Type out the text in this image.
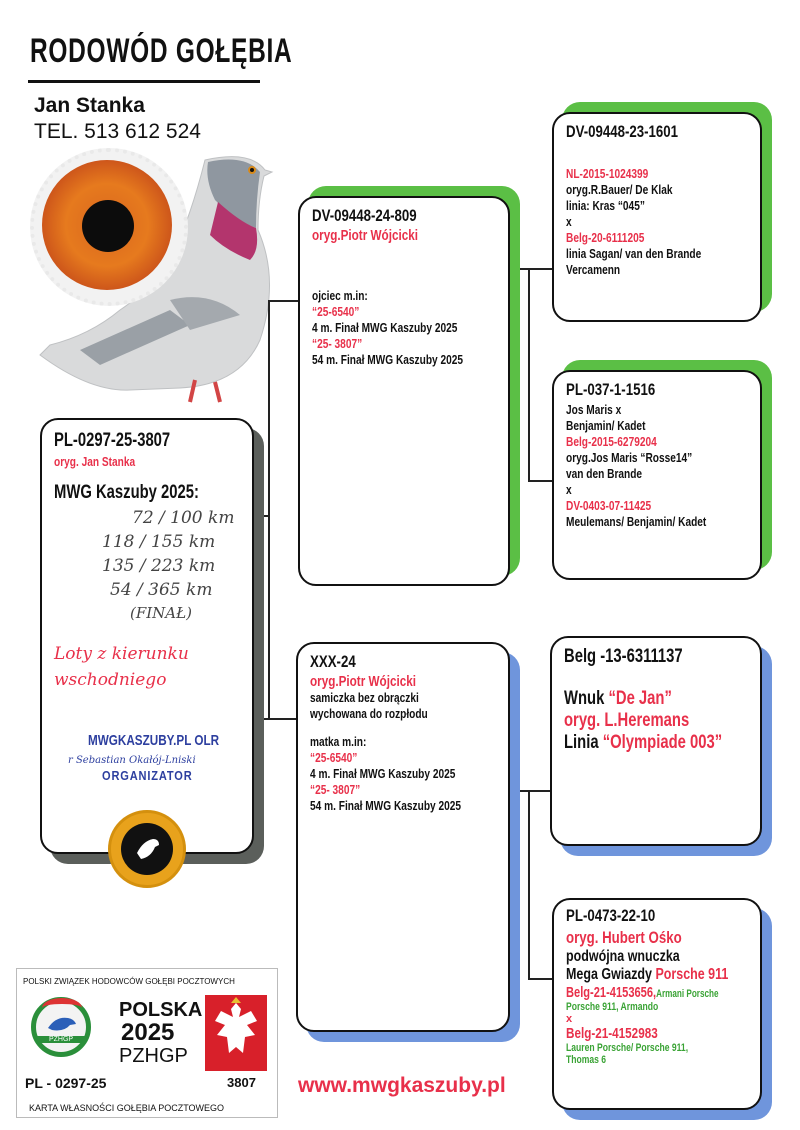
RODOWÓD GOŁĘBIA
Jan Stanka
TEL. 513 612 524
PL-0297-25-3807
oryg. Jan Stanka
MWG Kaszuby 2025:
72 / 100 km
118 / 155 km
135 / 223 km
54 / 365 km
(FINAŁ)
Loty z kierunku
wschodniego
MWGKASZUBY.PL OLR
r Sebastian Okałój-Lniski
ORGANIZATOR
DV-09448-24-809
oryg.Piotr Wójcicki
ojciec m.in:
“25-6540”
4 m. Finał MWG Kaszuby 2025
“25- 3807”
54 m. Finał MWG Kaszuby 2025
XXX-24
oryg.Piotr Wójcicki
samiczka bez obrączki
wychowana do rozpłodu
matka m.in:
“25-6540”
4 m. Finał MWG Kaszuby 2025
“25- 3807”
54 m. Finał MWG Kaszuby 2025
DV-09448-23-1601
NL-2015-1024399
oryg.R.Bauer/ De Klak
linia: Kras “045”
x
Belg-20-6111205
linia Sagan/ van den Brande
Vercamenn
PL-037-1-1516
Jos Maris x
Benjamin/ Kadet
Belg-2015-6279204
oryg.Jos Maris “Rosse14”
van den Brande
x
DV-0403-07-11425
Meulemans/ Benjamin/ Kadet
Belg -13-6311137
Wnuk “De Jan”
oryg. L.Heremans
Linia “Olympiade 003”
PL-0473-22-10
oryg. Hubert Ośko
podwójna wnuczka
Mega Gwiazdy Porsche 911
Belg-21-4153656,Armani Porsche
Porsche 911, Armando
x
Belg-21-4152983
Lauren Porsche/ Porsche 911,
Thomas 6
POLSKI ZWIĄZEK HODOWCÓW GOŁĘBI POCZTOWYCH
PZHGP
POLSKA
2025
PZHGP
PL - 0297-25	3807
KARTA WŁASNOŚCI GOŁĘBIA POCZTOWEGO
www.mwgkaszuby.pl
